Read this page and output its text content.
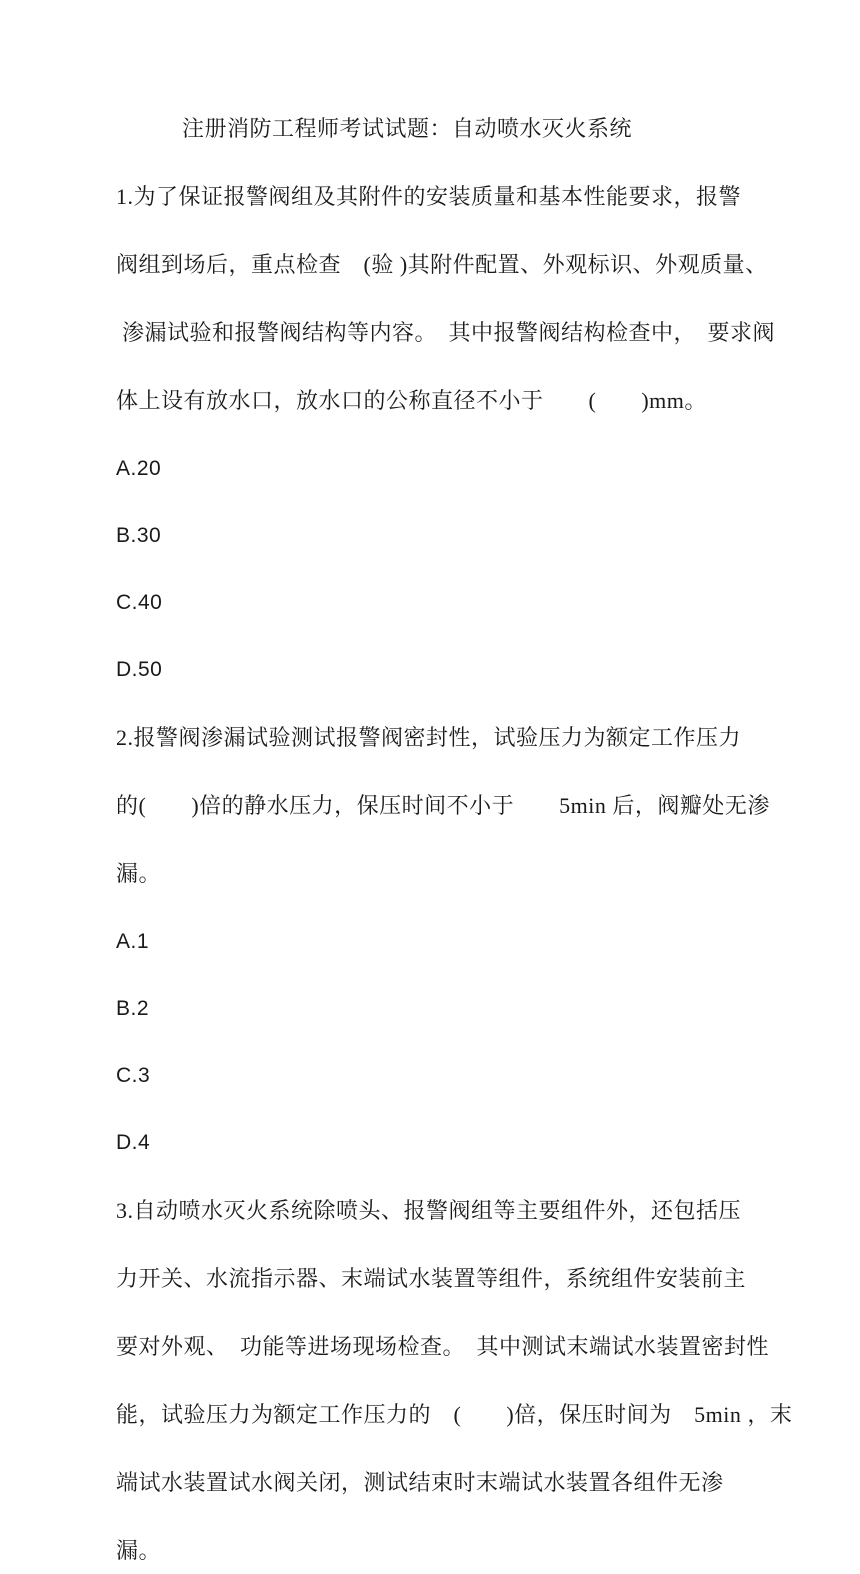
注册消防工程师考试试题：自动喷水灭火系统

1.为了保证报警阀组及其附件的安装质量和基本性能要求，报警

阀组到场后，重点检查　(验 )其附件配置、外观标识、外观质量、

渗漏试验和报警阀结构等内容。　其中报警阀结构检查中，　要求阀

体上设有放水口，放水口的公称直径不小于　　(　　)mm。

A.20

B.30

C.40

D.50

2.报警阀渗漏试验测试报警阀密封性，试验压力为额定工作压力

的(　　)倍的静水压力，保压时间不小于　　5min 后，阀瓣处无渗

漏。

A.1

B.2

C.3

D.4

3.自动喷水灭火系统除喷头、报警阀组等主要组件外，还包括压

力开关、水流指示器、末端试水装置等组件，系统组件安装前主

要对外观、　功能等进场现场检查。　其中测试末端试水装置密封性

能，试验压力为额定工作压力的　(　　)倍，保压时间为　5min ，末

端试水装置试水阀关闭，测试结束时末端试水装置各组件无渗

漏。
